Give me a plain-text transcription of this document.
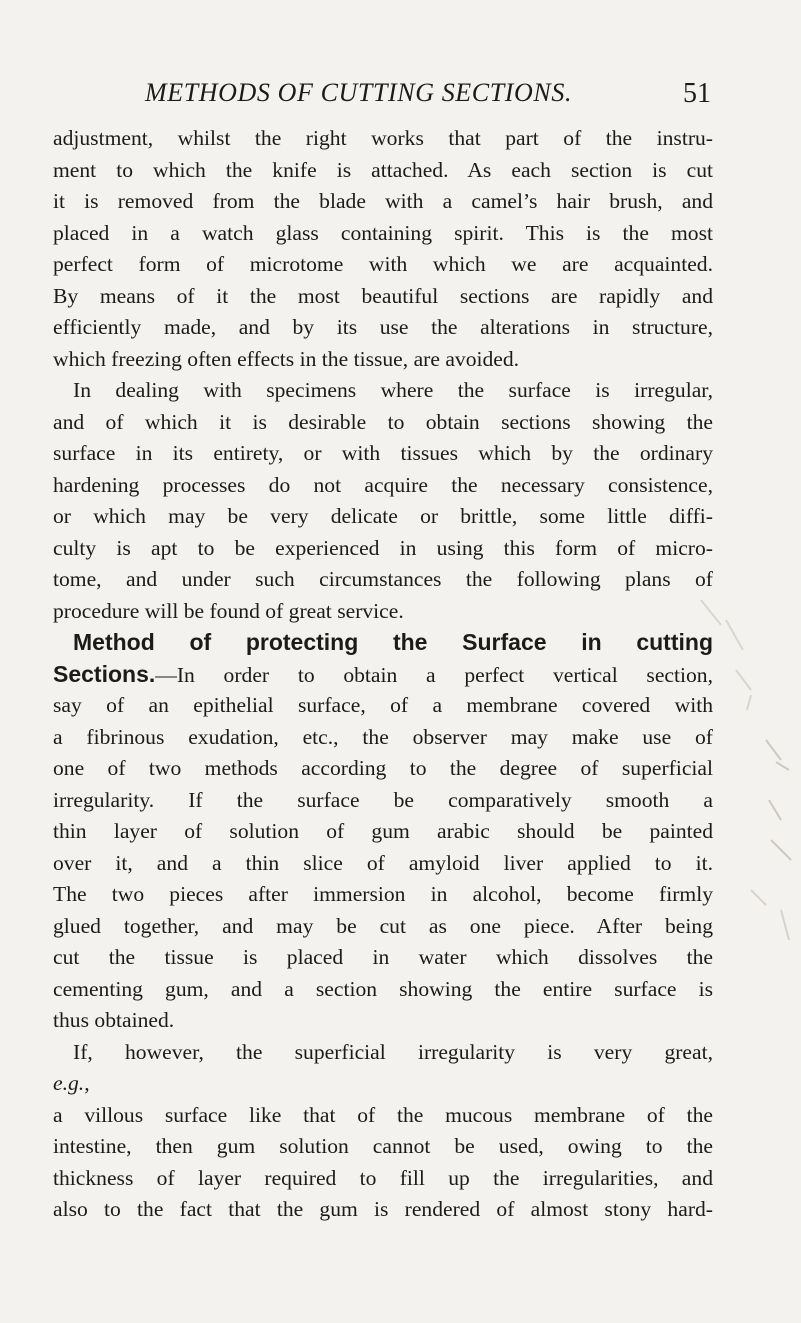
METHODS OF CUTTING SECTIONS.	51
adjustment, whilst the right works that part of the instru-
ment to which the knife is attached. As each section is cut
it is removed from the blade with a camel’s hair brush, and
placed in a watch glass containing spirit. This is the most
perfect form of microtome with which we are acquainted.
By means of it the most beautiful sections are rapidly and
efficiently made, and by its use the alterations in structure,
which freezing often effects in the tissue, are avoided.
In dealing with specimens where the surface is irregular,
and of which it is desirable to obtain sections showing the
surface in its entirety, or with tissues which by the ordinary
hardening processes do not acquire the necessary consistence,
or which may be very delicate or brittle, some little diffi-
culty is apt to be experienced in using this form of micro-
tome, and under such circumstances the following plans of
procedure will be found of great service.
Method of protecting the Surface in cutting
Sections.—In order to obtain a perfect vertical section,
say of an epithelial surface, of a membrane covered with
a fibrinous exudation, etc., the observer may make use of
one of two methods according to the degree of superficial
irregularity. If the surface be comparatively smooth a
thin layer of solution of gum arabic should be painted
over it, and a thin slice of amyloid liver applied to it.
The two pieces after immersion in alcohol, become firmly
glued together, and may be cut as one piece. After being
cut the tissue is placed in water which dissolves the
cementing gum, and a section showing the entire surface is
thus obtained.
If, however, the superficial irregularity is very great,
e.g.,
a villous surface like that of the mucous membrane of the
intestine, then gum solution cannot be used, owing to the
thickness of layer required to fill up the irregularities, and
also to the fact that the gum is rendered of almost stony hard-
